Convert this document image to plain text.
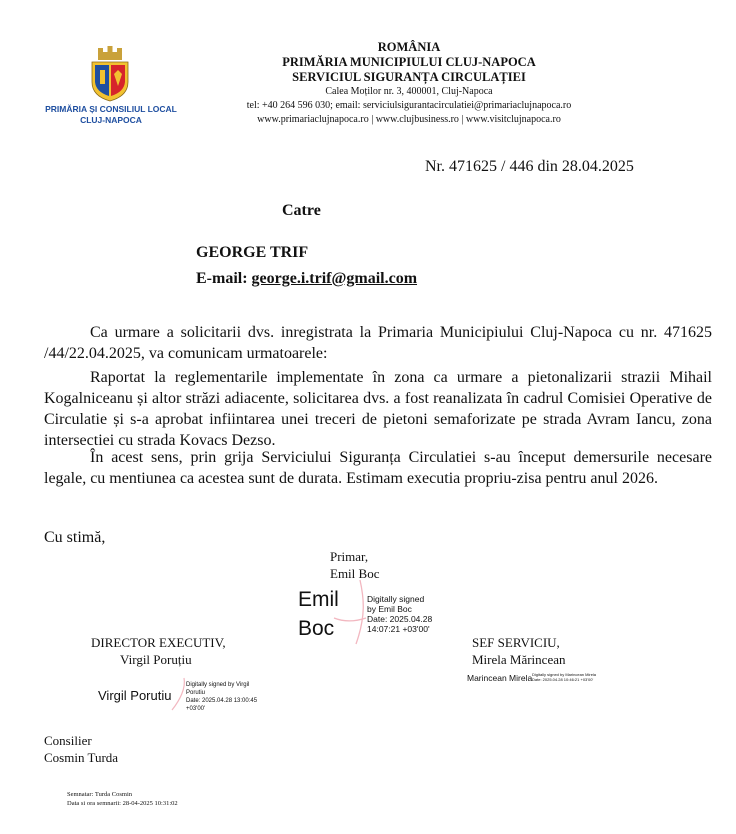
PRIMĂRIA ȘI CONSILIUL LOCAL
CLUJ-NAPOCA
ROMÂNIA
PRIMĂRIA MUNICIPIULUI CLUJ-NAPOCA
SERVICIUL SIGURANȚA CIRCULAȚIEI
Calea Moților nr. 3, 400001, Cluj-Napoca
tel: +40 264 596 030; email: serviciulsigurantacirculatiei@primariaclujnapoca.ro
www.primariaclujnapoca.ro | www.clujbusiness.ro | www.visitclujnapoca.ro
Nr. 471625 / 446 din 28.04.2025
Catre
GEORGE TRIF
E-mail: george.i.trif@gmail.com

Ca urmare a solicitarii dvs. inregistrata la Primaria Municipiului Cluj-Napoca cu nr. 471625 /44/22.04.2025, va comunicam urmatoarele:

Raportat la reglementarile implementate în zona ca urmare a pietonalizarii strazii Mihail Kogalniceanu și altor străzi adiacente, solicitarea dvs. a fost reanalizata în cadrul Comisiei Operative de Circulatie și s-a aprobat infiintarea unei treceri de pietoni semaforizate pe strada Avram Iancu, zona intersectiei cu strada Kovacs Dezso.

În acest sens, prin grija Serviciului Siguranța Circulatiei s-au început demersurile necesare legale, cu mentiunea ca acestea sunt de durata. Estimam executia propriu-zisa pentru anul 2026.

Cu stimă,
Primar,
Emil Boc
Emil
Boc
Digitally signed
by Emil Boc
Date: 2025.04.28
14:07:21 +03'00'
DIRECTOR EXECUTIV,
Virgil Poruțiu
Virgil Porutiu
Digitally signed by Virgil
Porutiu
Date: 2025.04.28 13:00:45
+03'00'
SEF SERVICIU,
Mirela Mărincean
Marincean Mirela Digitally signed by Marincean Mirela
Date: 2025.04.28 10:46:21 +03'00'
Consilier
Cosmin Turda
Semnatar: Turda Cosmin
Data si ora semnarii: 28-04-2025 10:31:02
